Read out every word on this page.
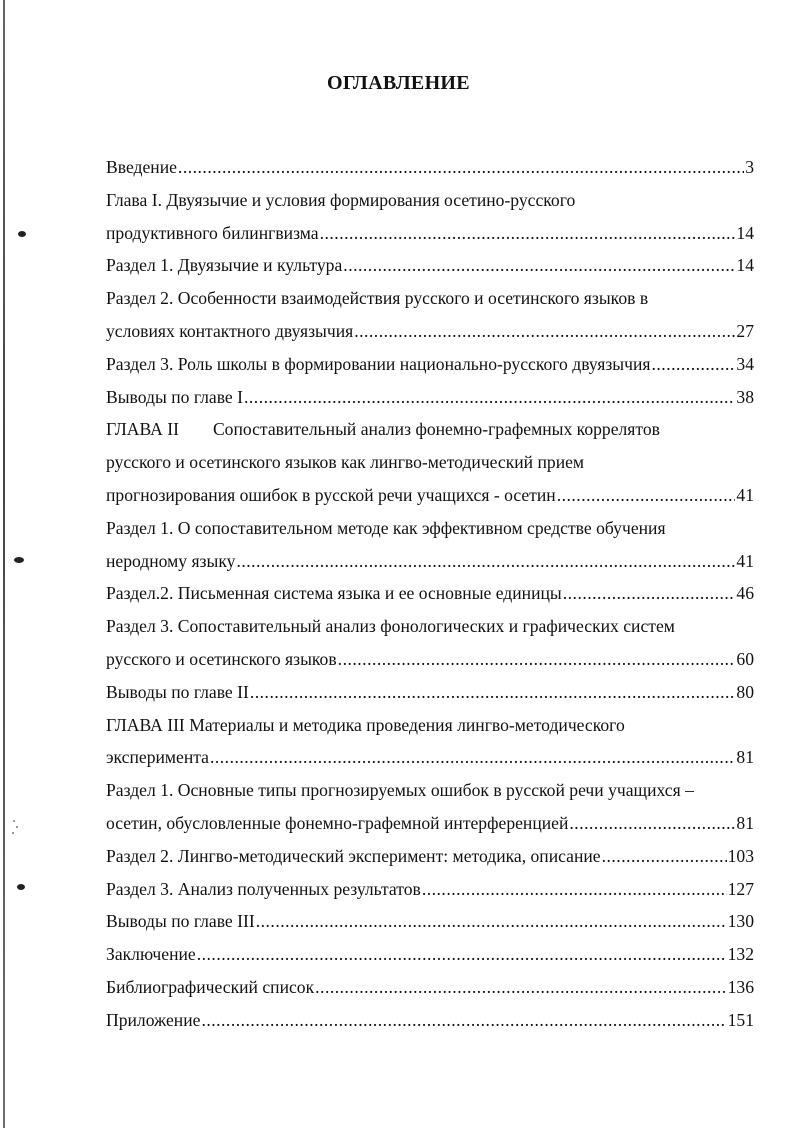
ОГЛАВЛЕНИЕ
Введение .....	3
Глава I. Двуязычие и условия формирования осетино-русского
продуктивного билингвизма .....	14
Раздел 1. Двуязычие и культура .....	14
Раздел 2. Особенности взаимодействия русского и осетинского языков в
условиях контактного двуязычия .....	27
Раздел 3. Роль школы в формировании национально-русского двуязычия .....	34
Выводы по главе I .....	38
ГЛАВА II Сопоставительный анализ фонемно-графемных коррелятов
русского и осетинского языков как лингво-методический прием
прогнозирования ошибок в русской речи учащихся - осетин .....	41
Раздел 1. О сопоставительном методе как эффективном средстве обучения
неродному языку .....	41
Раздел.2. Письменная система языка и ее основные единицы .....	46
Раздел 3. Сопоставительный анализ фонологических и графических систем
русского и осетинского языков .....	60
Выводы по главе II .....	80
ГЛАВА III Материалы и методика проведения лингво-методического
эксперимента .....	81
Раздел 1. Основные типы прогнозируемых ошибок в русской речи учащихся –
осетин, обусловленные фонемно-графемной интерференцией .....	81
Раздел 2. Лингво-методический эксперимент: методика, описание .....	103
Раздел 3. Анализ полученных результатов .....	127
Выводы по главе III .....	130
Заключение .....	132
Библиографический список .....	136
Приложение .....	151
